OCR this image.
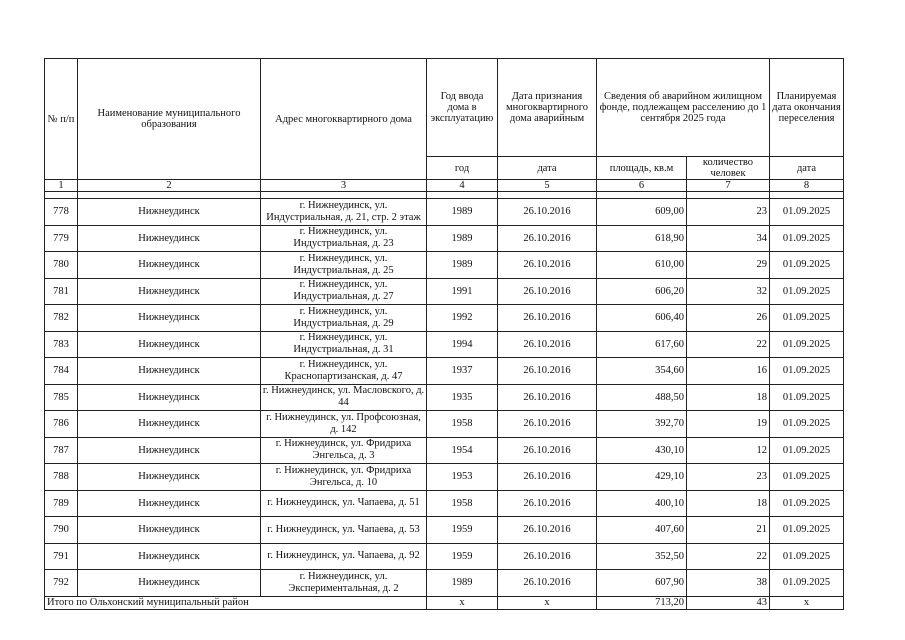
№ п/п	Наименование муниципального образования	Адрес многоквартирного дома	Год ввода дома в эксплуатацию	Дата признания многоквартирного дома аварийным	Сведения об аварийном жилищном фонде, подлежащем расселению до 1 сентября 2025 года		Планируемая дата окончания переселения
			год	дата	площадь, кв.м	количество человек	дата
1	2	3	4	5	6	7	8

778	Нижнеудинск	г. Нижнеудинск, ул. Индустриальная, д. 21, стр. 2 этаж	1989	26.10.2016	609,00	23	01.09.2025
779	Нижнеудинск	г. Нижнеудинск, ул. Индустриальная, д. 23	1989	26.10.2016	618,90	34	01.09.2025
780	Нижнеудинск	г. Нижнеудинск, ул. Индустриальная, д. 25	1989	26.10.2016	610,00	29	01.09.2025
781	Нижнеудинск	г. Нижнеудинск, ул. Индустриальная, д. 27	1991	26.10.2016	606,20	32	01.09.2025
782	Нижнеудинск	г. Нижнеудинск, ул. Индустриальная, д. 29	1992	26.10.2016	606,40	26	01.09.2025
783	Нижнеудинск	г. Нижнеудинск, ул. Индустриальная, д. 31	1994	26.10.2016	617,60	22	01.09.2025
784	Нижнеудинск	г. Нижнеудинск, ул. Краснопартизанская, д. 47	1937	26.10.2016	354,60	16	01.09.2025
785	Нижнеудинск	г. Нижнеудинск, ул. Масловского, д. 44	1935	26.10.2016	488,50	18	01.09.2025
786	Нижнеудинск	г. Нижнеудинск, ул. Профсоюзная, д. 142	1958	26.10.2016	392,70	19	01.09.2025
787	Нижнеудинск	г. Нижнеудинск, ул. Фридриха Энгельса, д. 3	1954	26.10.2016	430,10	12	01.09.2025
788	Нижнеудинск	г. Нижнеудинск, ул. Фридриха Энгельса, д. 10	1953	26.10.2016	429,10	23	01.09.2025
789	Нижнеудинск	г. Нижнеудинск, ул. Чапаева, д. 51	1958	26.10.2016	400,10	18	01.09.2025
790	Нижнеудинск	г. Нижнеудинск, ул. Чапаева, д. 53	1959	26.10.2016	407,60	21	01.09.2025
791	Нижнеудинск	г. Нижнеудинск, ул. Чапаева, д. 92	1959	26.10.2016	352,50	22	01.09.2025
792	Нижнеудинск	г. Нижнеудинск, ул. Экспериментальная, д. 2	1989	26.10.2016	607,90	38	01.09.2025
Итого по Ольхонский муниципальный район			х	х	713,20	43	х
